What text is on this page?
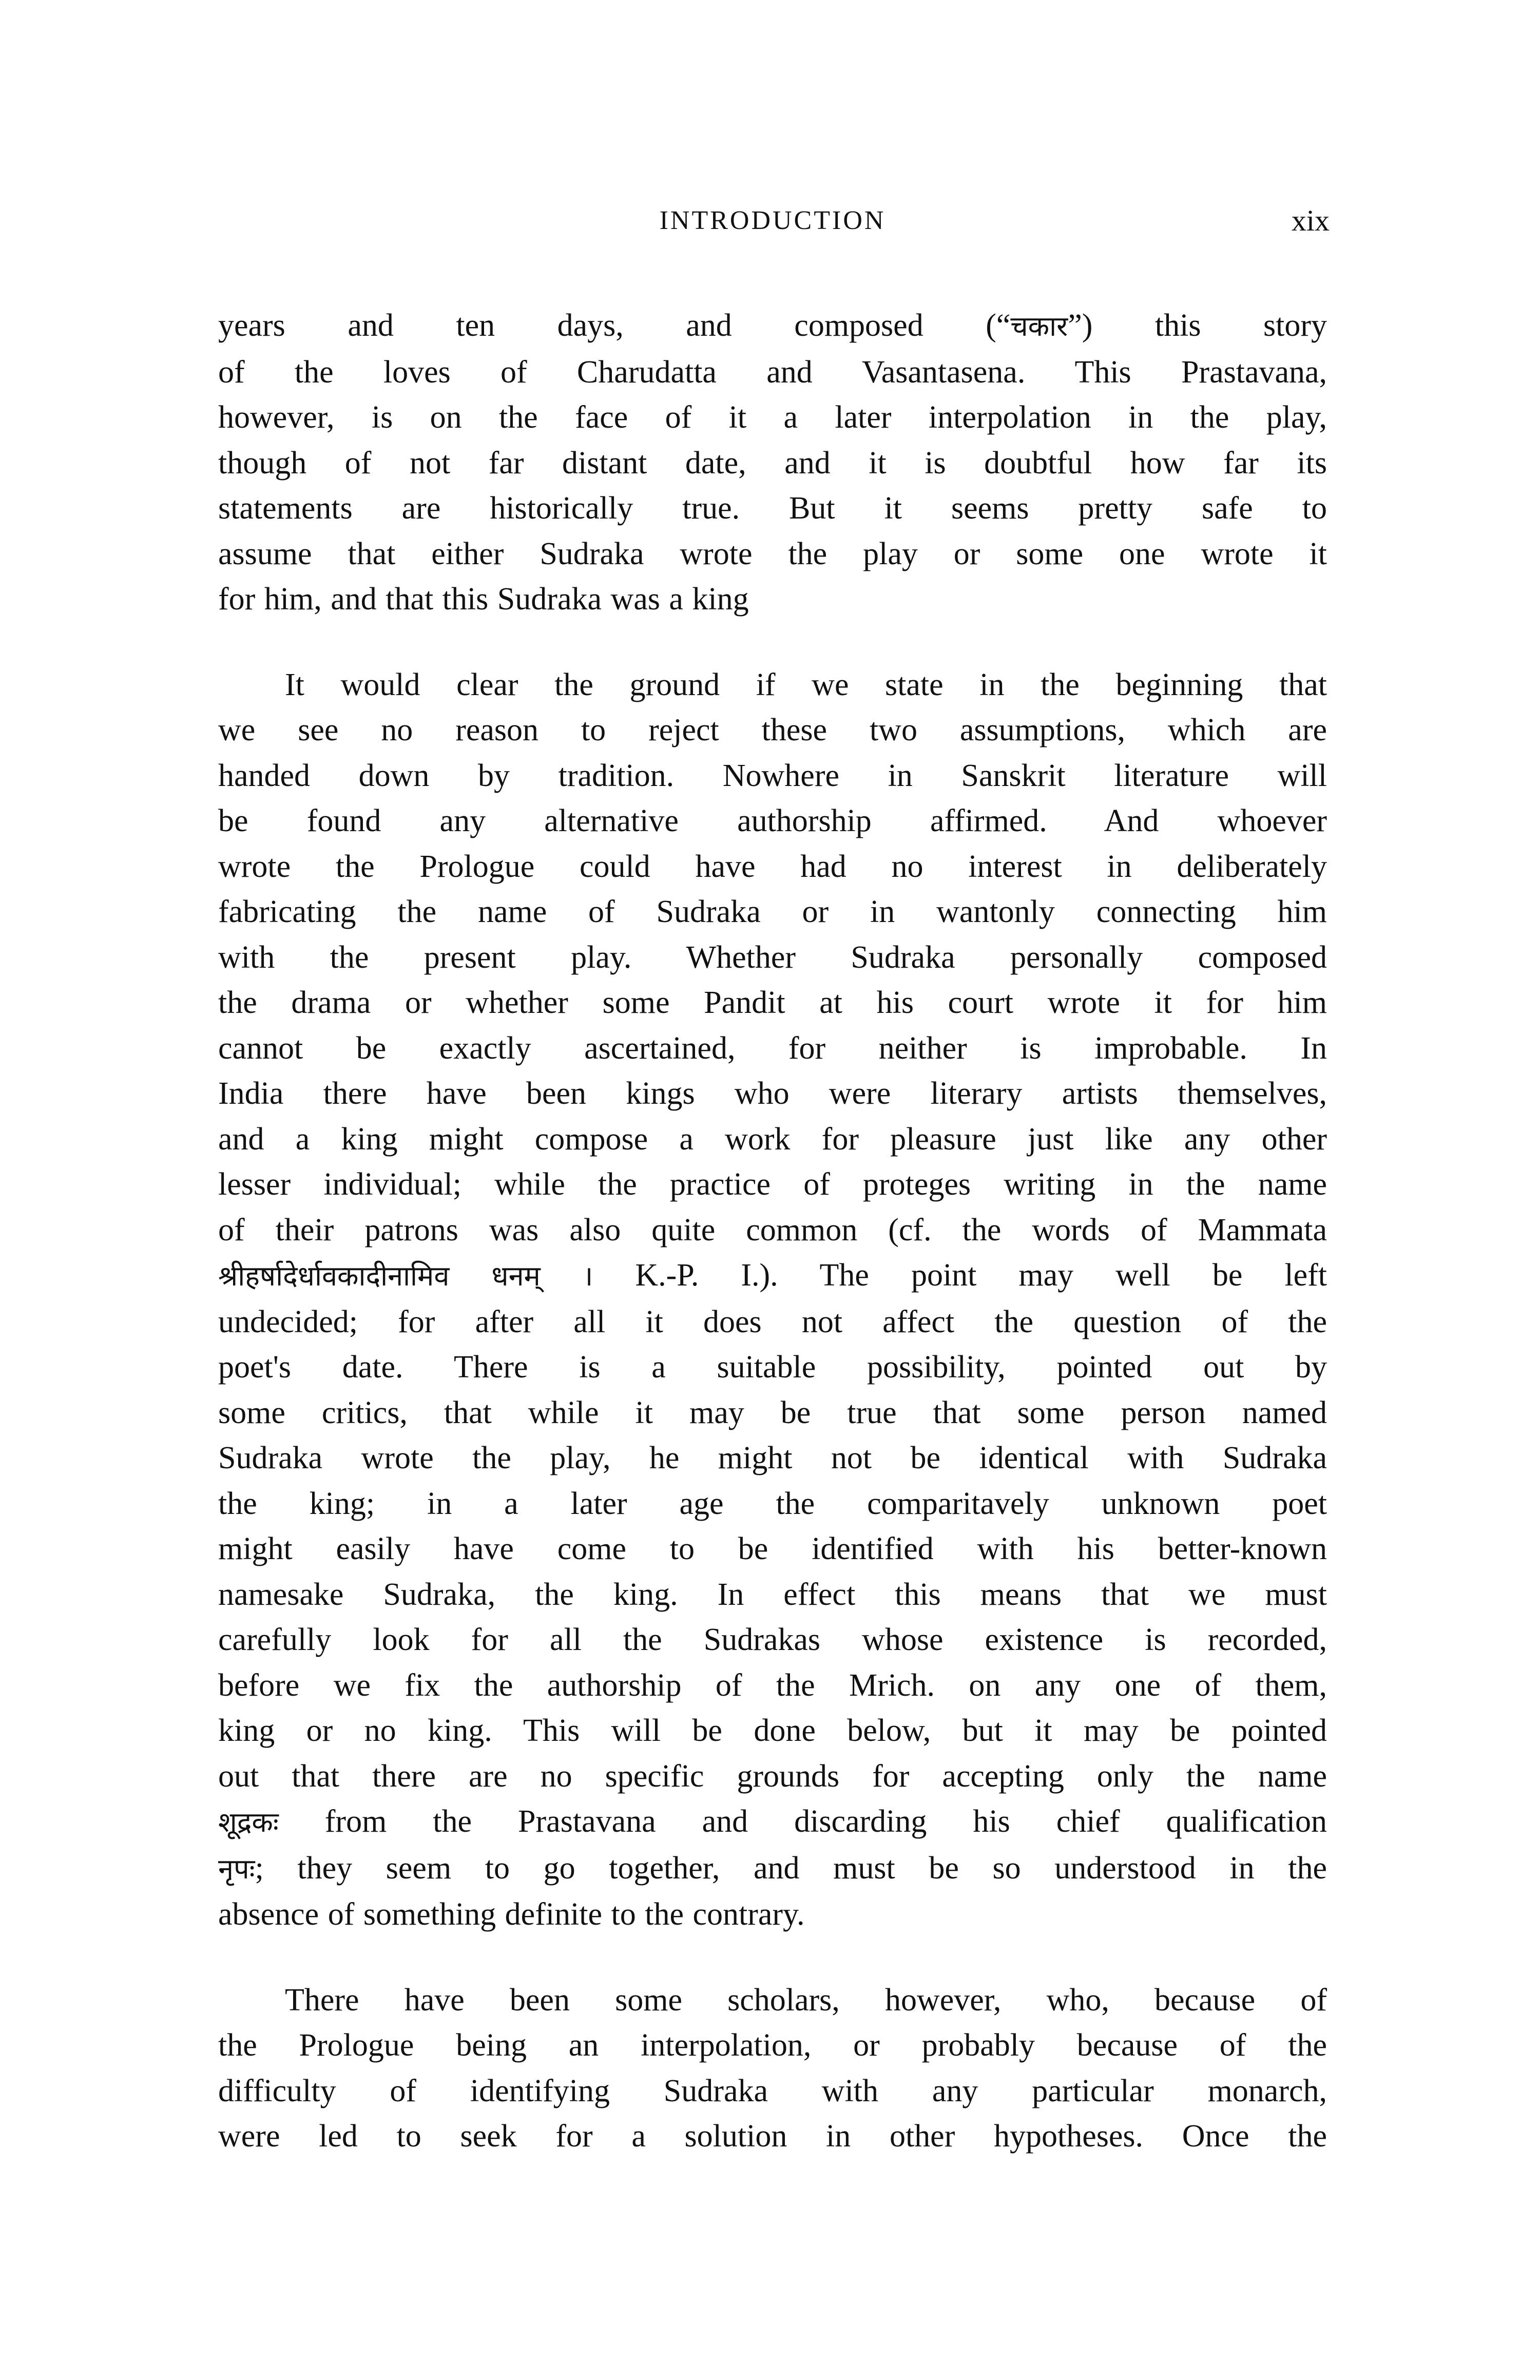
INTRODUCTION	xix
years and ten days, and composed (“चकार”) this story
of the loves of Charudatta and Vasantasena. This Prastavana,
however, is on the face of it a later interpolation in the play,
though of not far distant date, and it is doubtful how far its
statements are historically true. But it seems pretty safe to
assume that either Sudraka wrote the play or some one wrote it
for him, and that this Sudraka was a king
It would clear the ground if we state in the beginning that
we see no reason to reject these two assumptions, which are
handed down by tradition. Nowhere in Sanskrit literature will
be found any alternative authorship affirmed. And whoever
wrote the Prologue could have had no interest in deliberately
fabricating the name of Sudraka or in wantonly connecting him
with the present play. Whether Sudraka personally composed
the drama or whether some Pandit at his court wrote it for him
cannot be exactly ascertained, for neither is improbable. In
India there have been kings who were literary artists themselves,
and a king might compose a work for pleasure just like any other
lesser individual; while the practice of proteges writing in the name
of their patrons was also quite common (cf. the words of Mammata
श्रीहर्षादेर्धावकादीनामिव धनम् । K.-P. I.). The point may well be left
undecided; for after all it does not affect the question of the
poet's date. There is a suitable possibility, pointed out by
some critics, that while it may be true that some person named
Sudraka wrote the play, he might not be identical with Sudraka
the king; in a later age the comparitavely unknown poet
might easily have come to be identified with his better-known
namesake Sudraka, the king. In effect this means that we must
carefully look for all the Sudrakas whose existence is recorded,
before we fix the authorship of the Mrich. on any one of them,
king or no king. This will be done below, but it may be pointed
out that there are no specific grounds for accepting only the name
शूद्रकः from the Prastavana and discarding his chief qualification
नृपः; they seem to go together, and must be so understood in the
absence of something definite to the contrary.
There have been some scholars, however, who, because of
the Prologue being an interpolation, or probably because of the
difficulty of identifying Sudraka with any particular monarch,
were led to seek for a solution in other hypotheses. Once the
